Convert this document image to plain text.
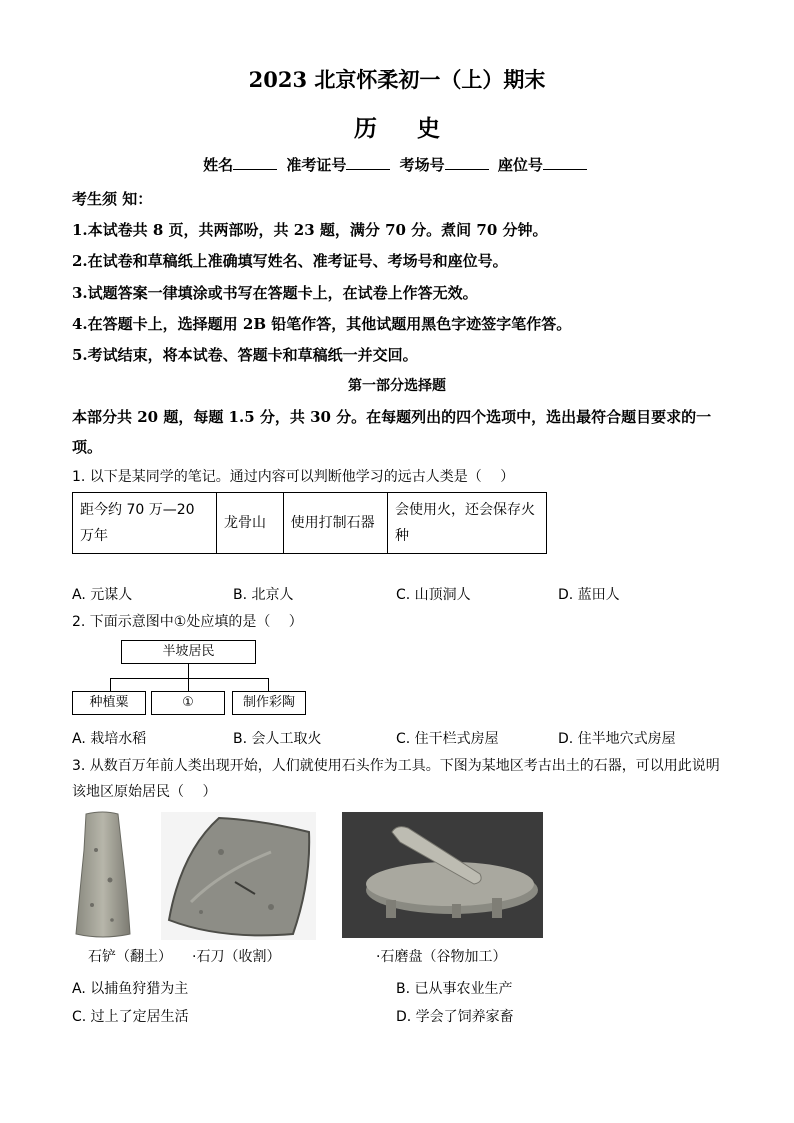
2023 北京怀柔初一（上）期末
历史
姓名	准考证号	考场号	座位号
考生须 知：
1.本试卷共 8 页，共两部吩，共 23 题，满分 70 分。煮间 70 分钟。
2.在试卷和草稿纸上准确填写姓名、准考证号、考场号和座位号。
3.试题答案一律填涂或书写在答题卡上，在试卷上作答无效。
4.在答题卡上，选择题用 2B 铅笔作答，其他试题用黑色字迹签字笔作答。
5.考试结束，将本试卷、答题卡和草稿纸一并交回。
第一部分选择题
本部分共 20 题，每题 1.5 分，共 30 分。在每题列出的四个选项中，选出最符合题目要求的一
项。
1. 以下是某同学的笔记。通过内容可以判断他学习的远古人类是（　 ）
距今约 70 万—20 万年	龙骨山	使用打制石器	会使用火，还会保存火种
A. 元谋人	B. 北京人	C. 山顶洞人	D. 蓝田人
2. 下面示意图中①处应填的是（　 ）
半坡居民
种植粟	①	制作彩陶
A. 栽培水稻	B. 会人工取火	C. 住干栏式房屋	D. 住半地穴式房屋
3. 从数百万年前人类出现开始，人们就使用石头作为工具。下图为某地区考古出土的石器，可以用此说明
该地区原始居民（　 ）
石铲（翻土） ·石刀（收割）	·石磨盘（谷物加工）
A. 以捕鱼狩猎为主	B. 已从事农业生产
C. 过上了定居生活	D. 学会了饲养家畜
